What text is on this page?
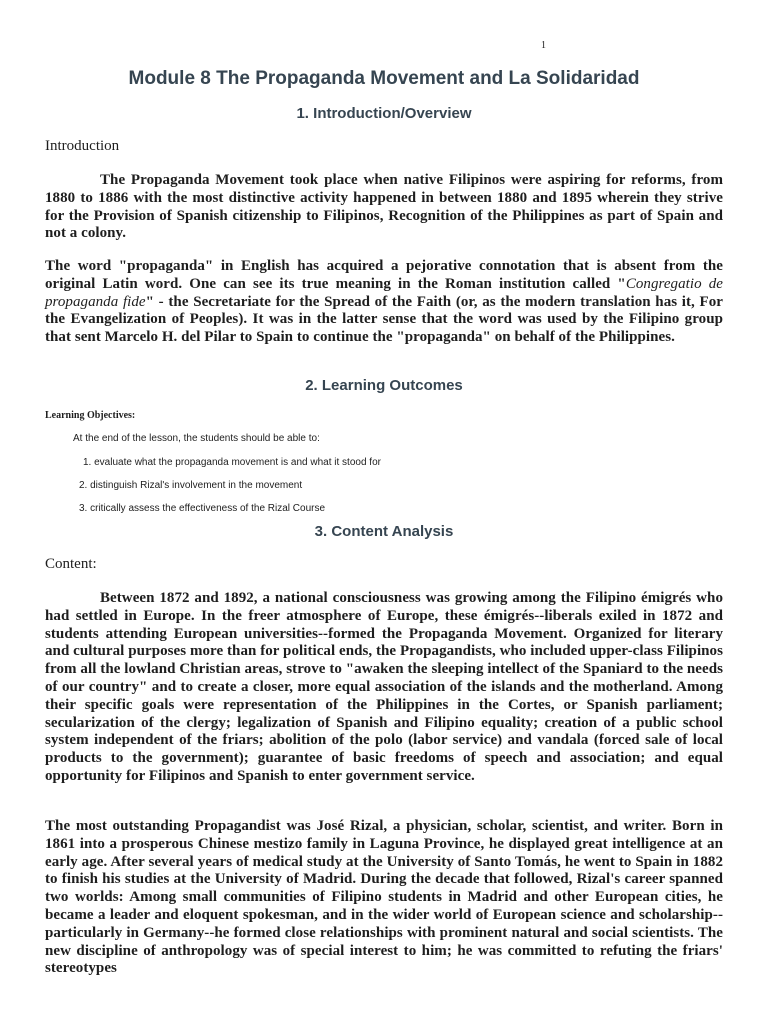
1
Module 8 The Propaganda Movement and La Solidaridad
1. Introduction/Overview
Introduction

The Propaganda Movement took place when native Filipinos were aspiring for reforms, from 1880 to 1886 with the most distinctive activity happened in between 1880 and 1895 wherein they strive for the Provision of Spanish citizenship to Filipinos, Recognition of the Philippines as part of Spain and not a colony.

The word "propaganda" in English has acquired a pejorative connotation that is absent from the original Latin word. One can see its true meaning in the Roman institution called "Congregatio de propaganda fide" - the Secretariate for the Spread of the Faith (or, as the modern translation has it, For the Evangelization of Peoples). It was in the latter sense that the word was used by the Filipino group that sent Marcelo H. del Pilar to Spain to continue the "propaganda" on behalf of the Philippines.

2. Learning Outcomes
Learning Objectives:
At the end of the lesson, the students should be able to:
1. evaluate what the propaganda movement is and what it stood for
2. distinguish Rizal's involvement in the movement
3. critically assess the effectiveness of the Rizal Course
3. Content Analysis
Content:

Between 1872 and 1892, a national consciousness was growing among the Filipino émigrés who had settled in Europe. In the freer atmosphere of Europe, these émigrés--liberals exiled in 1872 and students attending European universities--formed the Propaganda Movement. Organized for literary and cultural purposes more than for political ends, the Propagandists, who included upper-class Filipinos from all the lowland Christian areas, strove to "awaken the sleeping intellect of the Spaniard to the needs of our country" and to create a closer, more equal association of the islands and the motherland. Among their specific goals were representation of the Philippines in the Cortes, or Spanish parliament; secularization of the clergy; legalization of Spanish and Filipino equality; creation of a public school system independent of the friars; abolition of the polo (labor service) and vandala (forced sale of local products to the government); guarantee of basic freedoms of speech and association; and equal opportunity for Filipinos and Spanish to enter government service.

The most outstanding Propagandist was José Rizal, a physician, scholar, scientist, and writer. Born in 1861 into a prosperous Chinese mestizo family in Laguna Province, he displayed great intelligence at an early age. After several years of medical study at the University of Santo Tomás, he went to Spain in 1882 to finish his studies at the University of Madrid. During the decade that followed, Rizal's career spanned two worlds: Among small communities of Filipino students in Madrid and other European cities, he became a leader and eloquent spokesman, and in the wider world of European science and scholarship--particularly in Germany--he formed close relationships with prominent natural and social scientists. The new discipline of anthropology was of special interest to him; he was committed to refuting the friars' stereotypes
